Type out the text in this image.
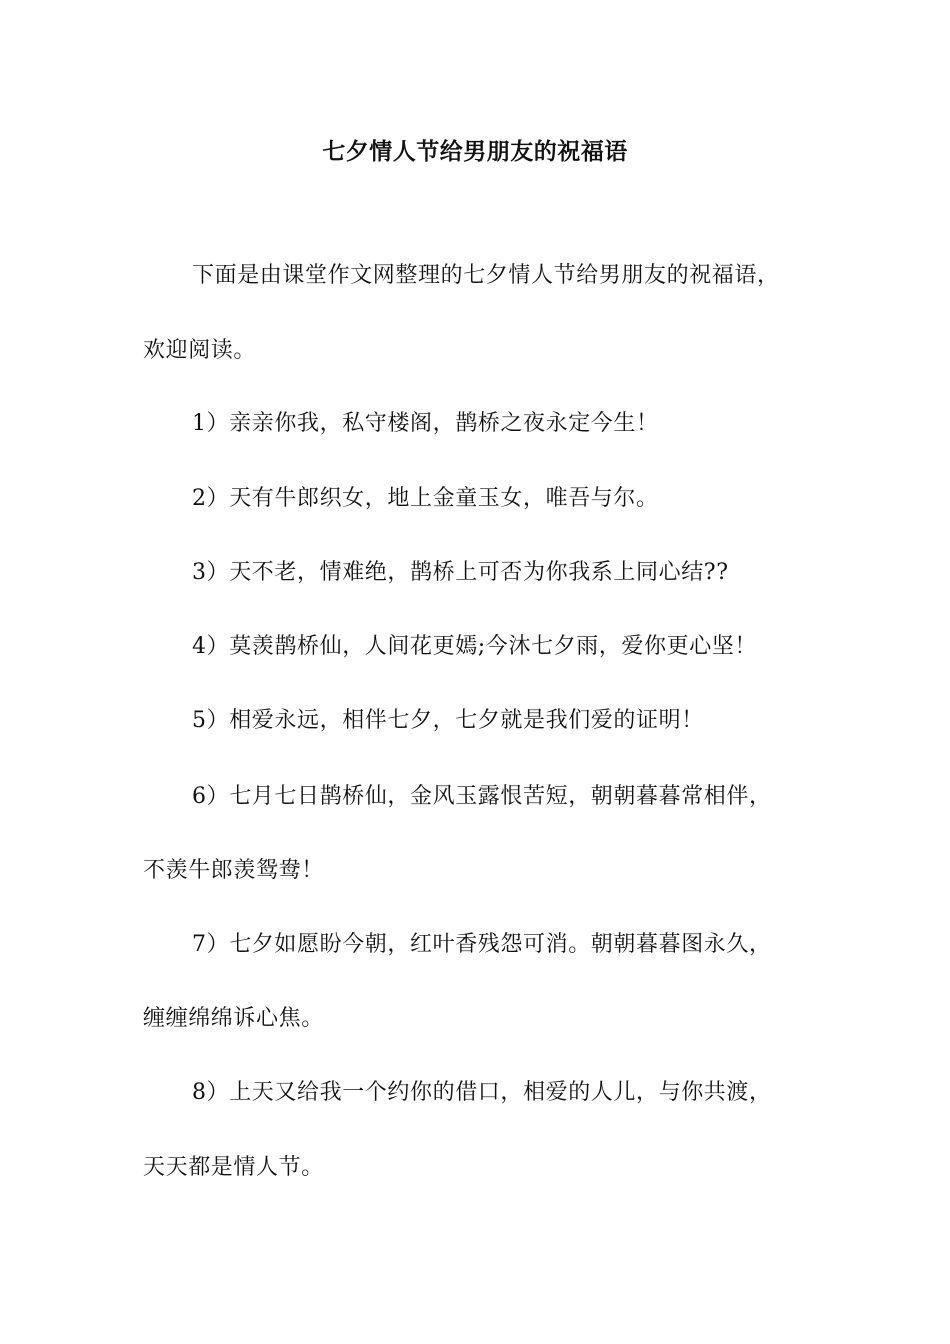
七夕情人节给男朋友的祝福语
下面是由课堂作文网整理的七夕情人节给男朋友的祝福语，
欢迎阅读。
1）亲亲你我，私守楼阁，鹊桥之夜永定今生！
2）天有牛郎织女，地上金童玉女，唯吾与尔。
3）天不老，情难绝，鹊桥上可否为你我系上同心结??
4）莫羡鹊桥仙，人间花更嫣;今沐七夕雨，爱你更心坚！
5）相爱永远，相伴七夕，七夕就是我们爱的证明！
6）七月七日鹊桥仙，金风玉露恨苦短，朝朝暮暮常相伴，
不羡牛郎羡鸳鸯！
7）七夕如愿盼今朝，红叶香残怨可消。朝朝暮暮图永久，
缠缠绵绵诉心焦。
8）上天又给我一个约你的借口，相爱的人儿，与你共渡，
天天都是情人节。
